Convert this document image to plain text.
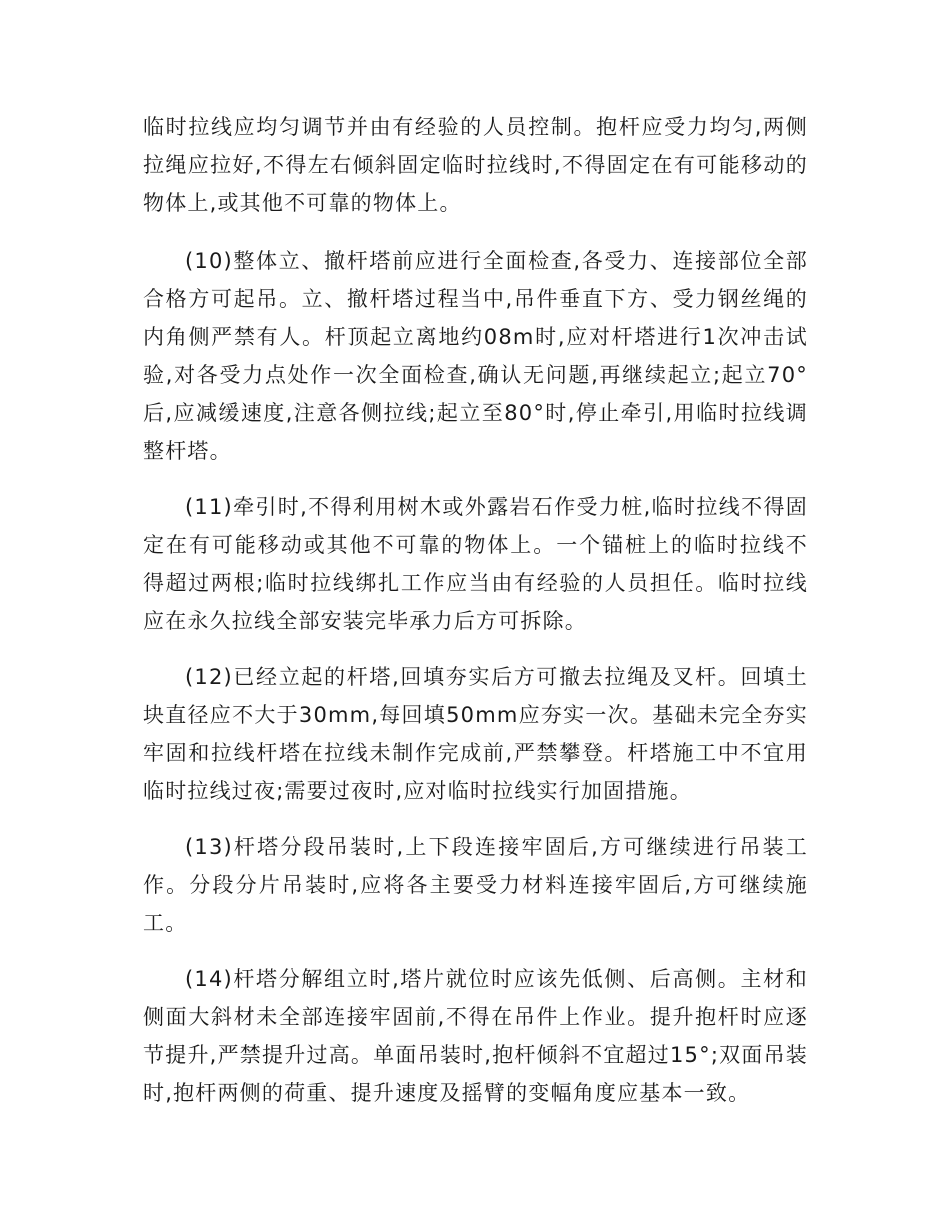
临时拉线应均匀调节并由有经验的人员控制。抱杆应受力均匀,两侧拉绳应拉好,不得左右倾斜固定临时拉线时,不得固定在有可能移动的物体上,或其他不可靠的物体上。

(10)整体立、撤杆塔前应进行全面检查,各受力、连接部位全部合格方可起吊。立、撤杆塔过程当中,吊件垂直下方、受力钢丝绳的内角侧严禁有人。杆顶起立离地约08m时,应对杆塔进行1次冲击试验,对各受力点处作一次全面检查,确认无问题,再继续起立;起立70°后,应减缓速度,注意各侧拉线;起立至80°时,停止牵引,用临时拉线调整杆塔。

(11)牵引时,不得利用树木或外露岩石作受力桩,临时拉线不得固定在有可能移动或其他不可靠的物体上。一个锚桩上的临时拉线不得超过两根;临时拉线绑扎工作应当由有经验的人员担任。临时拉线应在永久拉线全部安装完毕承力后方可拆除。

(12)已经立起的杆塔,回填夯实后方可撤去拉绳及叉杆。回填土块直径应不大于30mm,每回填50mm应夯实一次。基础未完全夯实牢固和拉线杆塔在拉线未制作完成前,严禁攀登。杆塔施工中不宜用临时拉线过夜;需要过夜时,应对临时拉线实行加固措施。

(13)杆塔分段吊装时,上下段连接牢固后,方可继续进行吊装工作。分段分片吊装时,应将各主要受力材料连接牢固后,方可继续施工。

(14)杆塔分解组立时,塔片就位时应该先低侧、后高侧。主材和侧面大斜材未全部连接牢固前,不得在吊件上作业。提升抱杆时应逐节提升,严禁提升过高。单面吊装时,抱杆倾斜不宜超过15°;双面吊装时,抱杆两侧的荷重、提升速度及摇臂的变幅角度应基本一致。
